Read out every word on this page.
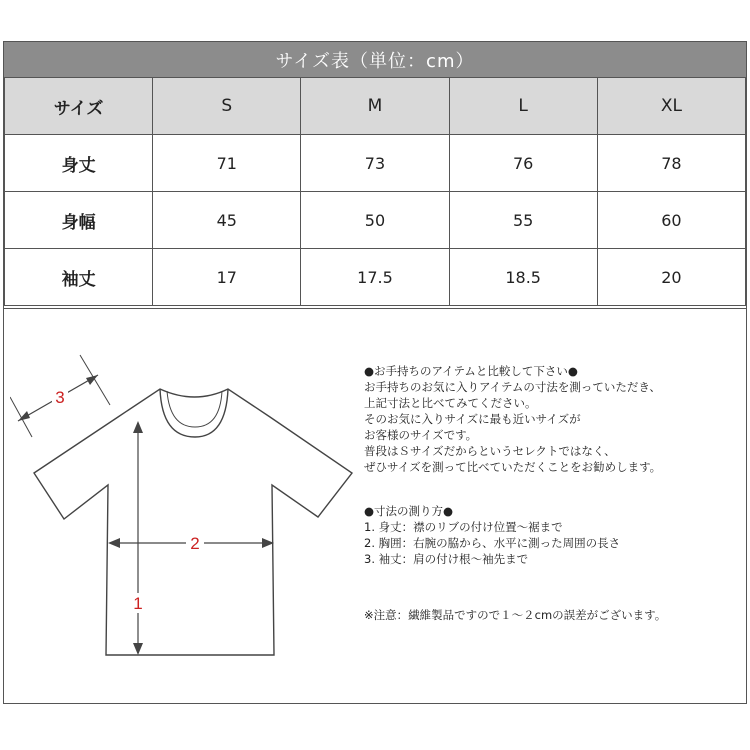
サイズ表（単位：cm）
サイズ	S	M	L	XL
身丈	71	73	76	78
身幅	45	50	55	60
袖丈	17	17.5	18.5	20
3
2
1

●お手持ちのアイテムと比較して下さい●

お手持ちのお気に入りアイテムの寸法を測っていただき、

上記寸法と比べてみてください。

そのお気に入りサイズに最も近いサイズが

お客様のサイズです。

普段はＳサイズだからというセレクトではなく、

ぜひサイズを測って比べていただくことをお勧めします。

●寸法の測り方●

1. 身丈：襟のリブの付け位置～裾まで

2. 胸囲：右腕の脇から、水平に測った周囲の長さ

3. 袖丈：肩の付け根～袖先まで

※注意：繊維製品ですので１～２cmの誤差がございます。
